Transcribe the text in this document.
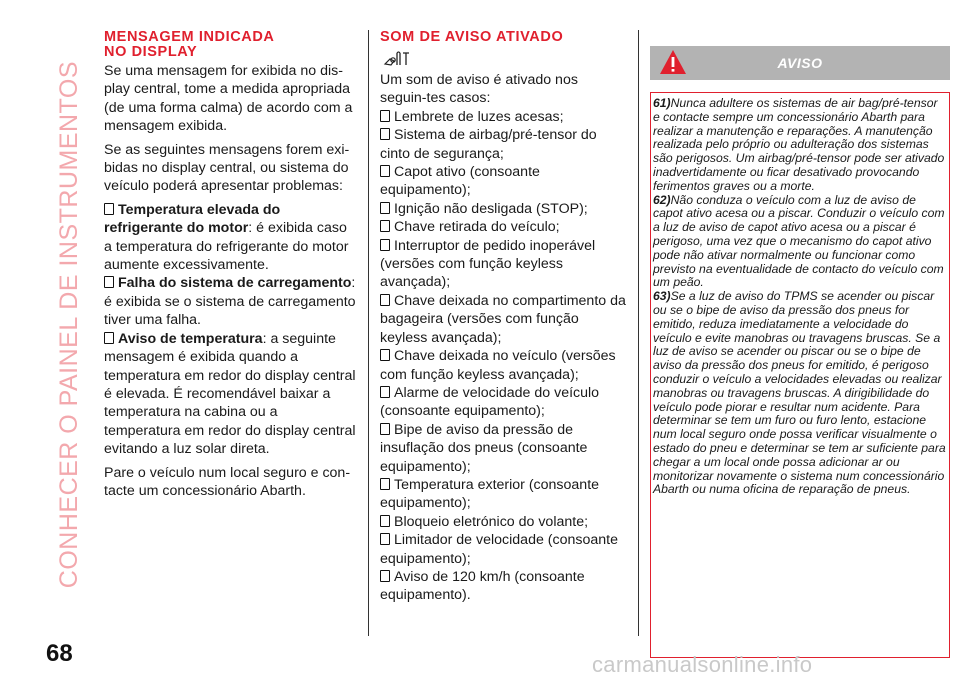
CONHECER O PAINEL DE INSTRUMENTOS
MENSAGEM INDICADA
NO DISPLAY

Se uma mensagem for exibida no dis-play central, tome a medida apropriada (de uma forma calma) de acordo com a mensagem exibida.

Se as seguintes mensagens forem exi-bidas no display central, ou sistema do veículo poderá apresentar problemas:

Temperatura elevada do refrigerante do motor: é exibida caso a temperatura do refrigerante do motor aumente excessivamente.
Falha do sistema de carregamento: é exibida se o sistema de carregamento tiver uma falha.
Aviso de temperatura: a seguinte mensagem é exibida quando a temperatura em redor do display central é elevada. É recomendável baixar a temperatura na cabina ou a temperatura em redor do display central evitando a luz solar direta.

Pare o veículo num local seguro e con-tacte um concessionário Abarth.

SOM DE AVISO ATIVADO

Um som de aviso é ativado nos seguin-tes casos:

Lembrete de luzes acesas;
Sistema de airbag/pré-tensor do cinto de segurança;
Capot ativo (consoante equipamento);
Ignição não desligada (STOP);
Chave retirada do veículo;
Interruptor de pedido inoperável (versões com função keyless avançada);
Chave deixada no compartimento da bagageira (versões com função keyless avançada);
Chave deixada no veículo (versões com função keyless avançada);
Alarme de velocidade do veículo (consoante equipamento);
Bipe de aviso da pressão de insuflação dos pneus (consoante equipamento);
Temperatura exterior (consoante equipamento);
Bloqueio eletrónico do volante;
Limitador de velocidade (consoante equipamento);
Aviso de 120 km/h (consoante equipamento).
AVISO
61)Nunca adultere os sistemas de air bag/pré-tensor e contacte sempre um concessionário Abarth para realizar a manutenção e reparações. A manutenção realizada pelo próprio ou adulteração dos sistemas são perigosos. Um airbag/pré-tensor pode ser ativado inadvertidamente ou ficar desativado provocando ferimentos graves ou a morte.
62)Não conduza o veículo com a luz de aviso de capot ativo acesa ou a piscar. Conduzir o veículo com a luz de aviso de capot ativo acesa ou a piscar é perigoso, uma vez que o mecanismo do capot ativo pode não ativar normalmente ou funcionar como previsto na eventualidade de contacto do veículo com um peão.
63)Se a luz de aviso do TPMS se acender ou piscar ou se o bipe de aviso da pressão dos pneus for emitido, reduza imediatamente a velocidade do veículo e evite manobras ou travagens bruscas. Se a luz de aviso se acender ou piscar ou se o bipe de aviso da pressão dos pneus for emitido, é perigoso conduzir o veículo a velocidades elevadas ou realizar manobras ou travagens bruscas. A dirigibilidade do veículo pode piorar e resultar num acidente. Para determinar se tem um furo ou furo lento, estacione num local seguro onde possa verificar visualmente o estado do pneu e determinar se tem ar suficiente para chegar a um local onde possa adicionar ar ou monitorizar novamente o sistema num concessionário Abarth ou numa oficina de reparação de pneus.
68	carmanualsonline.info
